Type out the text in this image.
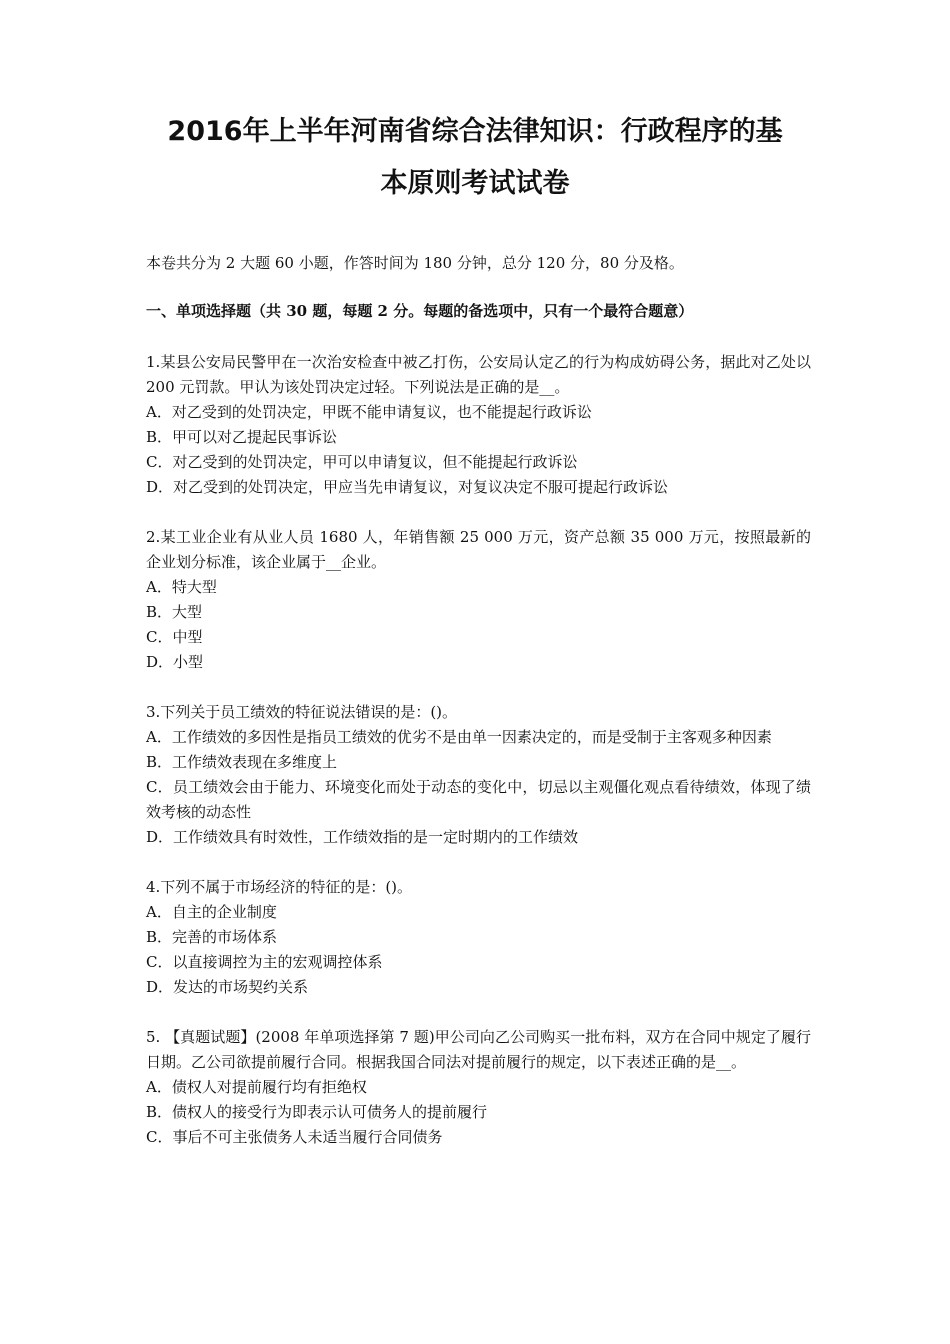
2016年上半年河南省综合法律知识：行政程序的基
本原则考试试卷

本卷共分为 2 大题 60 小题，作答时间为 180 分钟，总分 120 分，80 分及格。

一、单项选择题（共 30 题，每题 2 分。每题的备选项中，只有一个最符合题意）

1.某县公安局民警甲在一次治安检查中被乙打伤，公安局认定乙的行为构成妨碍公务，据此对乙处以 200 元罚款。甲认为该处罚决定过轻。下列说法是正确的是__。

A．对乙受到的处罚决定，甲既不能申请复议，也不能提起行政诉讼

B．甲可以对乙提起民事诉讼

C．对乙受到的处罚决定，甲可以申请复议，但不能提起行政诉讼

D．对乙受到的处罚决定，甲应当先申请复议，对复议决定不服可提起行政诉讼

2.某工业企业有从业人员 1680 人，年销售额 25 000 万元，资产总额 35 000 万元，按照最新的企业划分标准，该企业属于__企业。

A．特大型

B．大型

C．中型

D．小型

3.下列关于员工绩效的特征说法错误的是：()。

A．工作绩效的多因性是指员工绩效的优劣不是由单一因素决定的，而是受制于主客观多种因素

B．工作绩效表现在多维度上

C．员工绩效会由于能力、环境变化而处于动态的变化中，切忌以主观僵化观点看待绩效，体现了绩效考核的动态性

D．工作绩效具有时效性，工作绩效指的是一定时期内的工作绩效

4.下列不属于市场经济的特征的是：()。

A．自主的企业制度

B．完善的市场体系

C．以直接调控为主的宏观调控体系

D．发达的市场契约关系

5. 【真题试题】(2008 年单项选择第 7 题)甲公司向乙公司购买一批布料，双方在合同中规定了履行日期。乙公司欲提前履行合同。根据我国合同法对提前履行的规定，以下表述正确的是__。

A．债权人对提前履行均有拒绝权

B．债权人的接受行为即表示认可债务人的提前履行

C．事后不可主张债务人未适当履行合同债务
